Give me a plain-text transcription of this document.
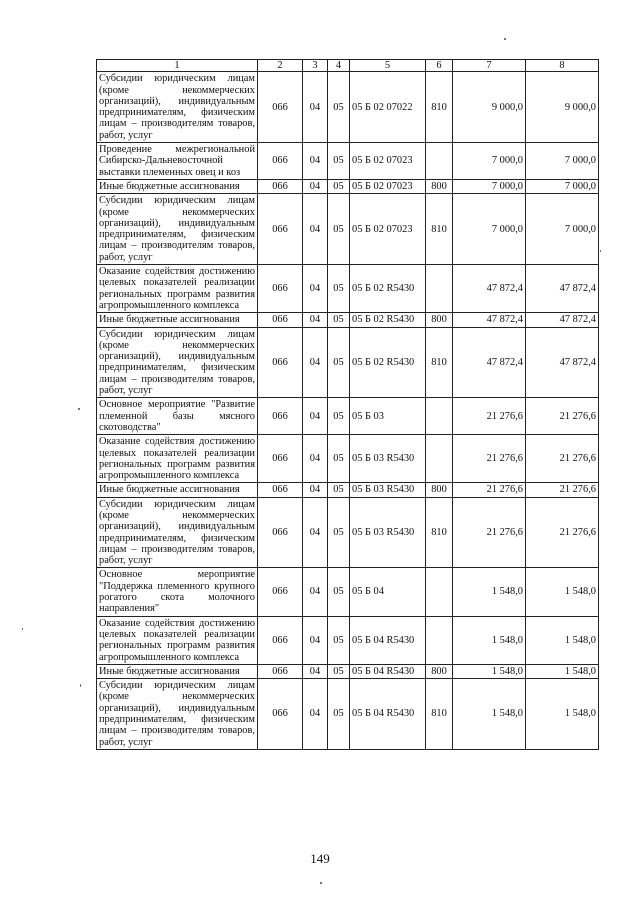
1	2	3	4	5	6	7	8
Субсидии юридическим лицам (кроме некоммерческих организаций), индивидуальным предпринимателям, физическим лицам – производителям товаров, работ, услуг	066	04	05	05 Б 02 07022	810	9 000,0	9 000,0
Проведение межрегиональной Сибирско-Дальневосточной выставки племенных овец и коз	066	04	05	05 Б 02 07023		7 000,0	7 000,0
Иные бюджетные ассигнования	066	04	05	05 Б 02 07023	800	7 000,0	7 000,0
Субсидии юридическим лицам (кроме некоммерческих организаций), индивидуальным предпринимателям, физическим лицам – производителям товаров, работ, услуг	066	04	05	05 Б 02 07023	810	7 000,0	7 000,0
Оказание содействия достижению целевых показателей реализации региональных программ развития агропромышленного комплекса	066	04	05	05 Б 02 R5430		47 872,4	47 872,4
Иные бюджетные ассигнования	066	04	05	05 Б 02 R5430	800	47 872,4	47 872,4
Субсидии юридическим лицам (кроме некоммерческих организаций), индивидуальным предпринимателям, физическим лицам – производителям товаров, работ, услуг	066	04	05	05 Б 02 R5430	810	47 872,4	47 872,4
Основное мероприятие "Развитие племенной базы мясного скотоводства"	066	04	05	05 Б 03		21 276,6	21 276,6
Оказание содействия достижению целевых показателей реализации региональных программ развития агропромышленного комплекса	066	04	05	05 Б 03 R5430		21 276,6	21 276,6
Иные бюджетные ассигнования	066	04	05	05 Б 03 R5430	800	21 276,6	21 276,6
Субсидии юридическим лицам (кроме некоммерческих организаций), индивидуальным предпринимателям, физическим лицам – производителям товаров, работ, услуг	066	04	05	05 Б 03 R5430	810	21 276,6	21 276,6
Основное мероприятие "Поддержка племенного крупного рогатого скота молочного направления"	066	04	05	05 Б 04		1 548,0	1 548,0
Оказание содействия достижению целевых показателей реализации региональных программ развития агропромышленного комплекса	066	04	05	05 Б 04 R5430		1 548,0	1 548,0
Иные бюджетные ассигнования	066	04	05	05 Б 04 R5430	800	1 548,0	1 548,0
Субсидии юридическим лицам (кроме некоммерческих организаций), индивидуальным предпринимателям, физическим лицам – производителям товаров, работ, услуг	066	04	05	05 Б 04 R5430	810	1 548,0	1 548,0
149
